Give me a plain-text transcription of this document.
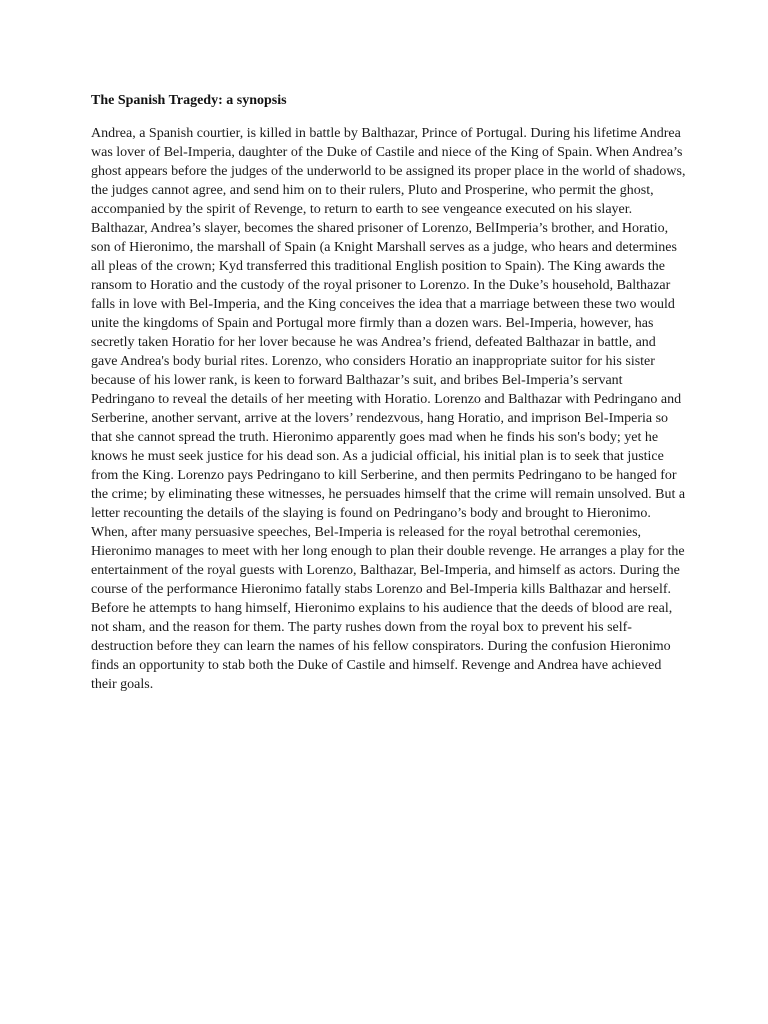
The Spanish Tragedy: a synopsis
Andrea, a Spanish courtier, is killed in battle by Balthazar, Prince of Portugal. During his lifetime Andrea
was lover of Bel-Imperia, daughter of the Duke of Castile and niece of the King of Spain. When Andrea’s
ghost appears before the judges of the underworld to be assigned its proper place in the world of shadows,
the judges cannot agree, and send him on to their rulers, Pluto and Prosperine, who permit the ghost,
accompanied by the spirit of Revenge, to return to earth to see vengeance executed on his slayer.
Balthazar, Andrea’s slayer, becomes the shared prisoner of Lorenzo, BelImperia’s brother, and Horatio,
son of Hieronimo, the marshall of Spain (a Knight Marshall serves as a judge, who hears and determines
all pleas of the crown; Kyd transferred this traditional English position to Spain). The King awards the
ransom to Horatio and the custody of the royal prisoner to Lorenzo. In the Duke’s household, Balthazar
falls in love with Bel-Imperia, and the King conceives the idea that a marriage between these two would
unite the kingdoms of Spain and Portugal more firmly than a dozen wars. Bel-Imperia, however, has
secretly taken Horatio for her lover because he was Andrea’s friend, defeated Balthazar in battle, and
gave Andrea's body burial rites. Lorenzo, who considers Horatio an inappropriate suitor for his sister
because of his lower rank, is keen to forward Balthazar’s suit, and bribes Bel-Imperia’s servant
Pedringano to reveal the details of her meeting with Horatio. Lorenzo and Balthazar with Pedringano and
Serberine, another servant, arrive at the lovers’ rendezvous, hang Horatio, and imprison Bel-Imperia so
that she cannot spread the truth. Hieronimo apparently goes mad when he finds his son's body; yet he
knows he must seek justice for his dead son. As a judicial official, his initial plan is to seek that justice
from the King. Lorenzo pays Pedringano to kill Serberine, and then permits Pedringano to be hanged for
the crime; by eliminating these witnesses, he persuades himself that the crime will remain unsolved. But a
letter recounting the details of the slaying is found on Pedringano’s body and brought to Hieronimo.
When, after many persuasive speeches, Bel-Imperia is released for the royal betrothal ceremonies,
Hieronimo manages to meet with her long enough to plan their double revenge. He arranges a play for the
entertainment of the royal guests with Lorenzo, Balthazar, Bel-Imperia, and himself as actors. During the
course of the performance Hieronimo fatally stabs Lorenzo and Bel-Imperia kills Balthazar and herself.
Before he attempts to hang himself, Hieronimo explains to his audience that the deeds of blood are real,
not sham, and the reason for them. The party rushes down from the royal box to prevent his self-
destruction before they can learn the names of his fellow conspirators. During the confusion Hieronimo
finds an opportunity to stab both the Duke of Castile and himself. Revenge and Andrea have achieved
their goals.
